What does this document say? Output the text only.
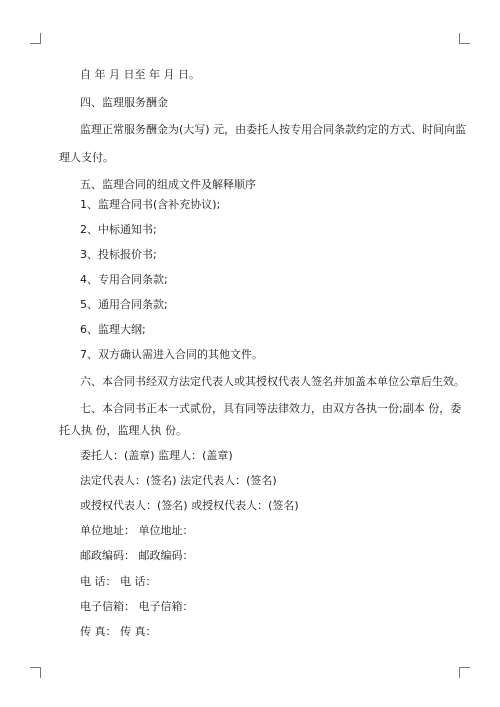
自 年 月 日至 年 月 日。
四、监理服务酬金
监理正常服务酬金为(大写) 元，由委托人按专用合同条款约定的方式、时间向监
理人支付。
五、监理合同的组成文件及解释顺序
1、监理合同书(含补充协议);
2、中标通知书;
3、投标报价书;
4、专用合同条款;
5、通用合同条款;
6、监理大纲;
7、双方确认需进入合同的其他文件。
六、本合同书经双方法定代表人或其授权代表人签名并加盖本单位公章后生效。
七、本合同书正本一式贰份，具有同等法律效力，由双方各执一份;副本 份，委
托人执 份，监理人执 份。
委托人：(盖章) 监理人：(盖章)
法定代表人：(签名) 法定代表人：(签名)
或授权代表人：(签名) 或授权代表人：(签名)
单位地址： 单位地址：
邮政编码： 邮政编码：
电 话： 电 话：
电子信箱： 电子信箱：
传 真： 传 真：
